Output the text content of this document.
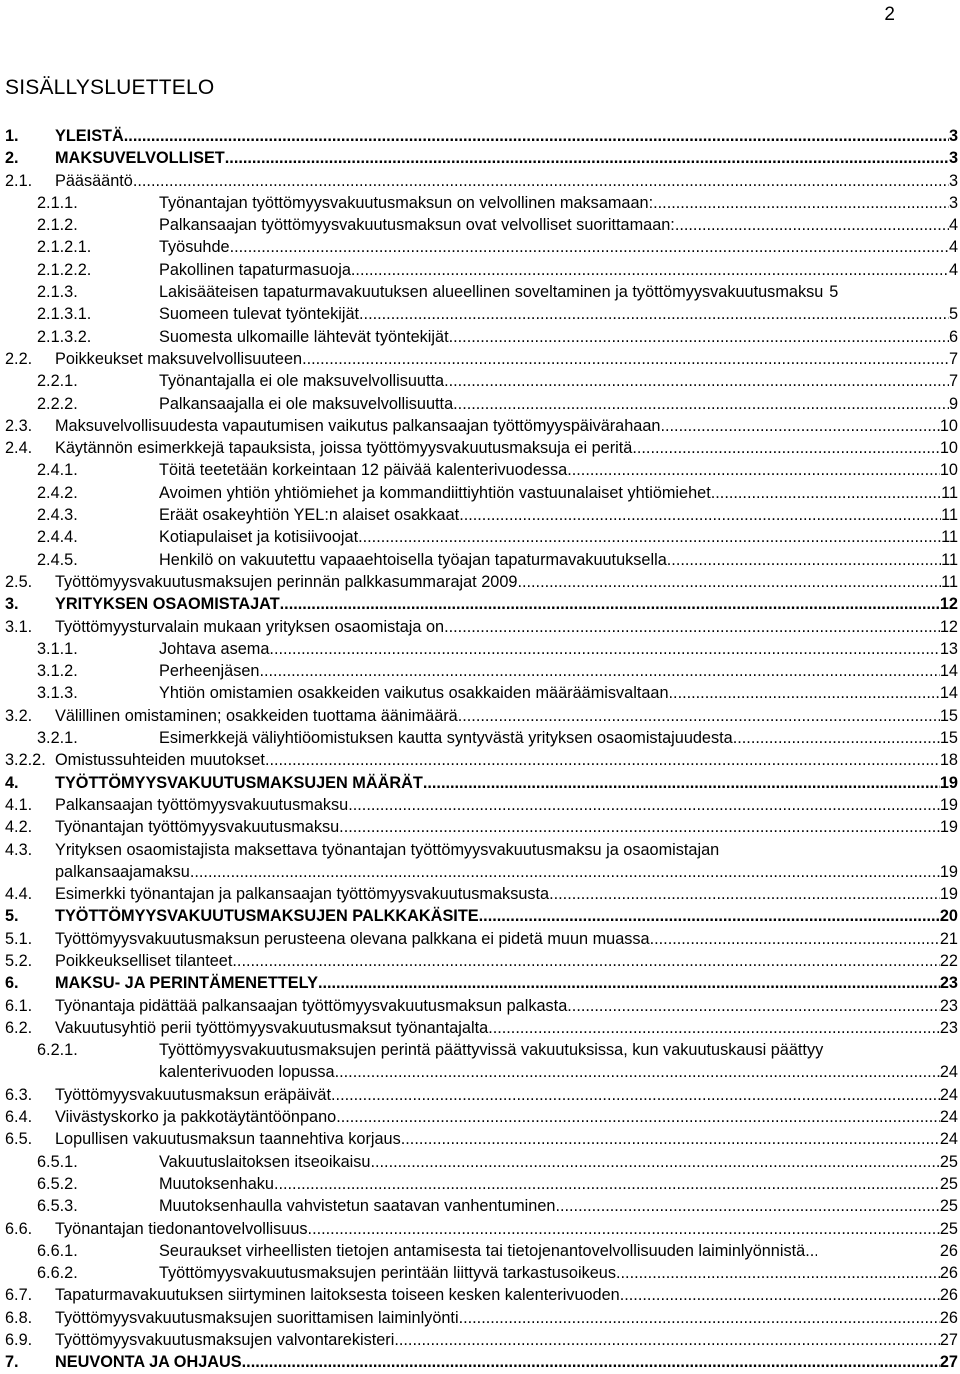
2
SISÄLLYSLUETTELO
1. YLEISTÄ .....	3
2. MAKSUVELVOLLISET .....	3
2.1. Pääsääntö .....	3
2.1.1.	Työnantajan työttömyysvakuutusmaksun on velvollinen maksamaan: .....	3
2.1.2.	Palkansaajan työttömyysvakuutusmaksun ovat velvolliset suorittamaan: .....	4
2.1.2.1.	Työsuhde .....	4
2.1.2.2.	Pakollinen tapaturmasuoja .....	4
2.1.3.	Lakisääteisen tapaturmavakuutuksen alueellinen soveltaminen ja työttömyysvakuutusmaksu 5
2.1.3.1.	Suomeen tulevat työntekijät .....	5
2.1.3.2.	Suomesta ulkomaille lähtevät työntekijät .....	6
2.2. Poikkeukset maksuvelvollisuuteen .....	7
2.2.1.	Työnantajalla ei ole maksuvelvollisuutta .....	7
2.2.2.	Palkansaajalla ei ole maksuvelvollisuutta .....	9
2.3. Maksuvelvollisuudesta vapautumisen vaikutus palkansaajan työttömyyspäivärahaan .....	10
2.4. Käytännön esimerkkejä tapauksista, joissa työttömyysvakuutusmaksuja ei peritä .....	10
2.4.1.	Töitä teetetään korkeintaan 12 päivää kalenterivuodessa .....	10
2.4.2.	Avoimen yhtiön yhtiömiehet ja kommandiittiyhtiön vastuunalaiset yhtiömiehet .....	11
2.4.3.	Eräät osakeyhtiön YEL:n alaiset osakkaat .....	11
2.4.4.	Kotiapulaiset ja kotisiivoojat .....	11
2.4.5.	Henkilö on vakuutettu vapaaehtoisella työajan tapaturmavakuutuksella .....	11
2.5. Työttömyysvakuutusmaksujen perinnän palkkasummarajat 2009 .....	11
3. YRITYKSEN OSAOMISTAJAT .....	12
3.1. Työttömyysturvalain mukaan yrityksen osaomistaja on .....	12
3.1.1.	Johtava asema .....	13
3.1.2.	Perheenjäsen .....	14
3.1.3.	Yhtiön omistamien osakkeiden vaikutus osakkaiden määräämisvaltaan .....	14
3.2. Välillinen omistaminen; osakkeiden tuottama äänimäärä .....	15
3.2.1.	Esimerkkejä väliyhtiöomistuksen kautta syntyvästä yrityksen osaomistajuudesta .....	15
3.2.2. Omistussuhteiden muutokset .....	18
4. TYÖTTÖMYYSVAKUUTUSMAKSUJEN MÄÄRÄT .....	19
4.1. Palkansaajan työttömyysvakuutusmaksu .....	19
4.2. Työnantajan työttömyysvakuutusmaksu .....	19
4.3. Yrityksen osaomistajista maksettava työnantajan työttömyysvakuutusmaksu ja osaomistajan
palkansaajamaksu .....	19
4.4. Esimerkki työnantajan ja palkansaajan työttömyysvakuutusmaksusta .....	19
5. TYÖTTÖMYYSVAKUUTUSMAKSUJEN PALKKAKÄSITE .....	20
5.1. Työttömyysvakuutusmaksun perusteena olevana palkkana ei pidetä muun muassa .....	21
5.2. Poikkeukselliset tilanteet .....	22
6. MAKSU- JA PERINTÄMENETTELY .....	23
6.1. Työnantaja pidättää palkansaajan työttömyysvakuutusmaksun palkasta .....	23
6.2. Vakuutusyhtiö perii työttömyysvakuutusmaksut työnantajalta .....	23
6.2.1.	Työttömyysvakuutusmaksujen perintä päättyvissä vakuutuksissa, kun vakuutuskausi päättyy
kalenterivuoden lopussa .....	24
6.3. Työttömyysvakuutusmaksun eräpäivät .....	24
6.4. Viivästyskorko ja pakkotäytäntöönpano .....	24
6.5. Lopullisen vakuutusmaksun taannehtiva korjaus .....	24
6.5.1.	Vakuutuslaitoksen itseoikaisu .....	25
6.5.2.	Muutoksenhaku .....	25
6.5.3.	Muutoksenhaulla vahvistetun saatavan vanhentuminen .....	25
6.6. Työnantajan tiedonantovelvollisuus .....	25
6.6.1.	Seuraukset virheellisten tietojen antamisesta tai tietojenantovelvollisuuden laiminlyönnistä .....	26
6.6.2.	Työttömyysvakuutusmaksujen perintään liittyvä tarkastusoikeus .....	26
6.7. Tapaturmavakuutuksen siirtyminen laitoksesta toiseen kesken kalenterivuoden .....	26
6.8. Työttömyysvakuutusmaksujen suorittamisen laiminlyönti .....	26
6.9. Työttömyysvakuutusmaksujen valvontarekisteri .....	27
7. NEUVONTA JA OHJAUS .....	27
